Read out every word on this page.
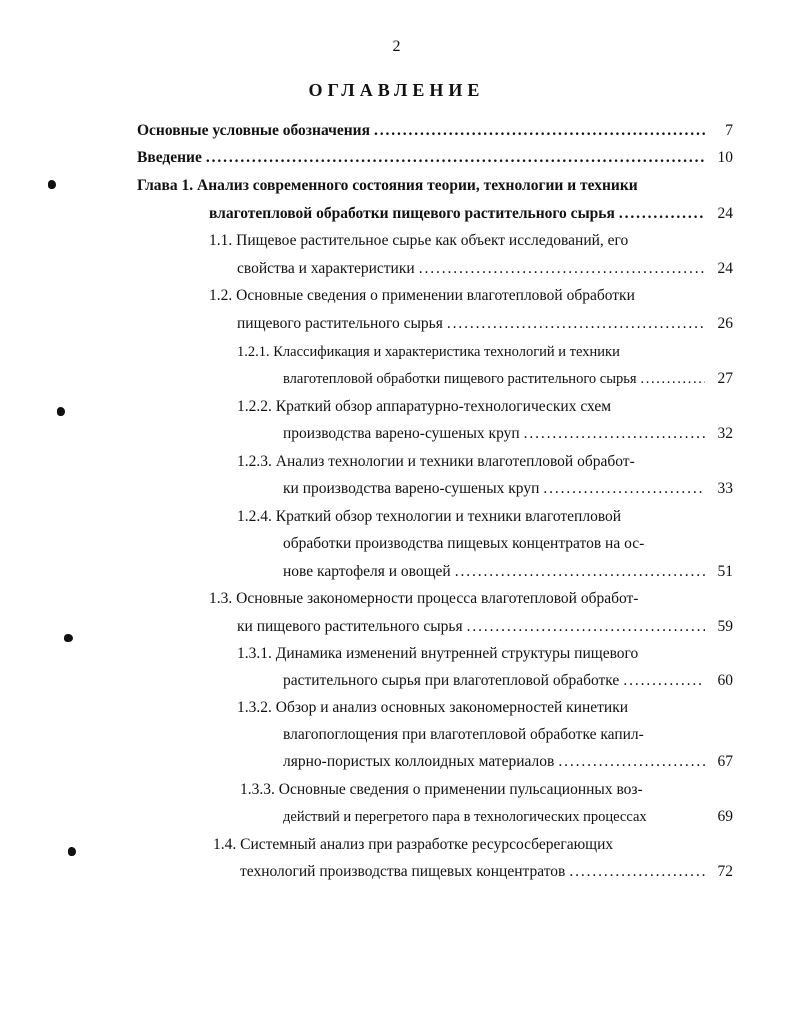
2
ОГЛАВЛЕНИЕ
Основные условные обозначения . . .	7
Введение . . .	10
Глава 1. Анализ современного состояния теории, технологии и техники
влаготепловой обработки пищевого растительного сырья . . .	24
1.1. Пищевое растительное сырье как объект исследований, его
свойства и характеристики . . .	24
1.2. Основные сведения о применении влаготепловой обработки
пищевого растительного сырья . . .	26
1.2.1. Классификация и характеристика технологий и техники
влаготепловой обработки пищевого растительного сырья . . .	27
1.2.2. Краткий обзор аппаратурно-технологических схем
производства варено-сушеных круп . . .	32
1.2.3. Анализ технологии и техники влаготепловой обработ-
ки производства варено-сушеных круп . . .	33
1.2.4. Краткий обзор технологии и техники влаготепловой
обработки производства пищевых концентратов на ос-
нове картофеля и овощей . . .	51
1.3. Основные закономерности процесса влаготепловой обработ-
ки пищевого растительного сырья . . .	59
1.3.1. Динамика изменений внутренней структуры пищевого
растительного сырья при влаготепловой обработке . . .	60
1.3.2. Обзор и анализ основных закономерностей кинетики
влагопоглощения при влаготепловой обработке капил-
лярно-пористых коллоидных материалов . . .	67
1.3.3. Основные сведения о применении пульсационных воз-
действий и перегретого пара в технологических процессах	69
1.4. Системный анализ при разработке ресурсосберегающих
технологий производства пищевых концентратов . . .	72
